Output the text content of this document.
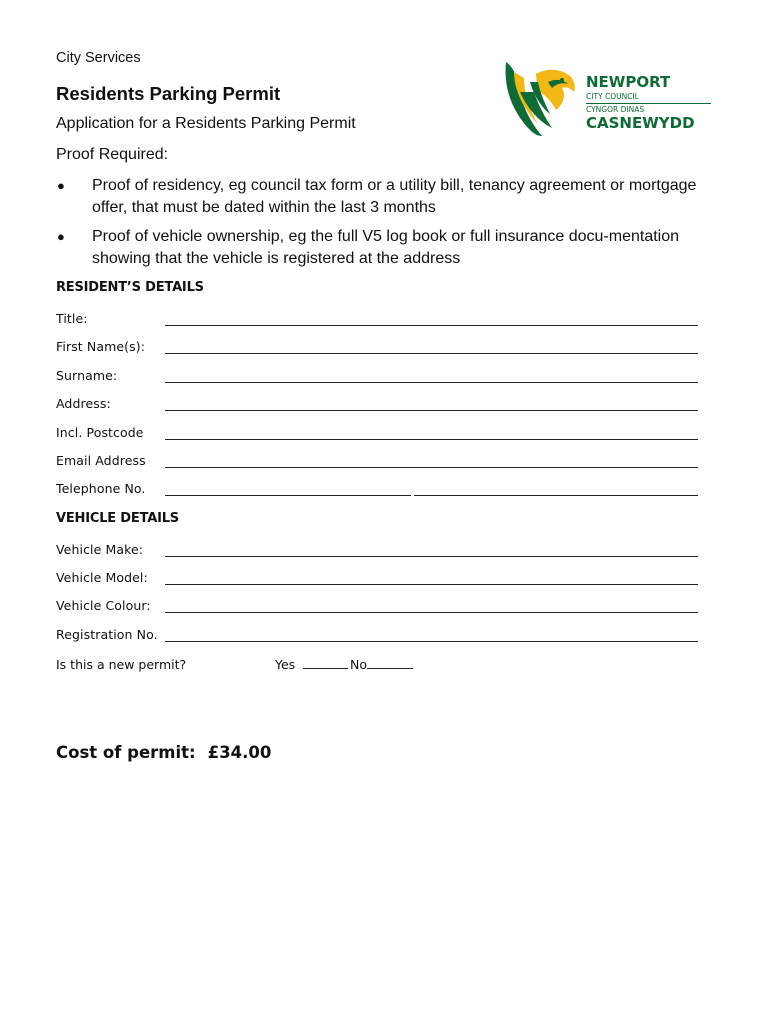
City Services
Residents Parking Permit
Application for a Residents Parking Permit
Proof Required:
● Proof of residency, eg council tax form or a utility bill, tenancy agreement or mortgage offer, that must be dated within the last 3 months
● Proof of vehicle ownership, eg the full V5 log book or full insurance docu-mentation showing that the vehicle is registered at the address
NEWPORT
CITY COUNCIL
CYNGOR DINAS
CASNEWYDD
RESIDENT’S DETAILS
Title:
First Name(s):
Surname:
Address:
Incl. Postcode
Email Address
Telephone No.
VEHICLE DETAILS
Vehicle Make:
Vehicle Model:
Vehicle Colour:
Registration No.
Is this a new permit?	Yes	No
Cost of permit: £34.00
